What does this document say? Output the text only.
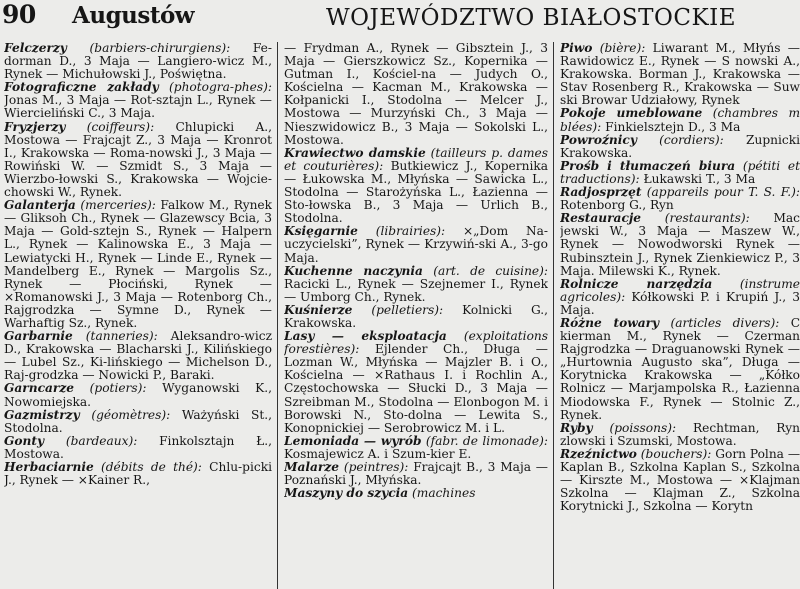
90 Augustów	WOJEWÓDZTWO BIAŁOSTOCKIE
Felczerzy (barbiers-chirurgiens): Fe-dorman D., 3 Maja — Langiero-wicz M., Rynek — Michułowski J., Poświętna.
Fotograficzne zakłady (photogra-phes): Jonas M., 3 Maja — Rot-sztajn L., Rynek — Wiercieliński C., 3 Maja.
Fryzjerzy (coiffeurs): Chlupicki A., Mostowa — Frajcajt Z., 3 Maja — Kronrot I., Krakowska — Roma-nowski J., 3 Maja — Rowiński W. — Szmidt S., 3 Maja — Wierzbo-łowski S., Krakowska — Wojcie-chowski W., Rynek.
Galanterja (merceries): Falkow M., Rynek — Gliksoh Ch., Rynek — Glazewscy Bcia, 3 Maja — Gold-sztejn S., Rynek — Halpern L., Rynek — Kalinowska E., 3 Maja — Lewiatycki H., Rynek — Linde E., Rynek — Mandelberg E., Rynek — Margolis Sz., Rynek — Płociński, Rynek — ×Romanowski J., 3 Maja — Rotenborg Ch., Rajgrodzka — Symne D., Rynek — Warhaftig Sz., Rynek.
Garbarnie (tanneries): Aleksandro-wicz D., Krakowska — Blacharski J., Kilińskiego — Lubel Sz., Ki-lińskiego — Michelson D., Raj-grodzka — Nowicki P., Baraki.
Garncarze (potiers): Wyganowski K., Nowomiejska.
Gazmistrzy (géomètres): Ważyński St., Stodolna.
Gonty (bardeaux): Finkolsztajn Ł., Mostowa.
Herbaciarnie (débits de thé): Chlu-picki J., Rynek — ×Kainer R.,
— Frydman A., Rynek — Gibsztein J., 3 Maja — Gierszkowicz Sz., Kopernika — Gutman I., Kościel-na — Judych O., Kościelna — Kacman M., Krakowska — Kołpanicki I., Stodolna — Melcer J., Mostowa — Murzyński Ch., 3 Maja — Nieszwidowicz B., 3 Maja — Sokolski L., Mostowa.
Krawiectwo damskie (tailleurs p. dames et couturières): Butkiewicz J., Kopernika — Łukowska M., Młyńska — Sawicka L., Stodolna — Starożyńska L., Łazienna — Sto-łowska B., 3 Maja — Urlich B., Stodolna.
Księgarnie (librairies): ×„Dom Na-uczycielski”, Rynek — Krzywiń-ski A., 3-go Maja.
Kuchenne naczynia (art. de cuisine): Racicki L., Rynek — Szejnemer I., Rynek — Umborg Ch., Rynek.
Kuśnierze (pelletiers): Kolnicki G., Krakowska.
Lasy — eksploatacja (exploitations forestières): Ejlender Ch., Długa — Lozman W., Młyńska — Majzler B. i O., Kościelna — ×Rathaus I. i Rochlin A., Częstochowska — Słucki D., 3 Maja — Szreibman M., Stodolna — Elonbogon M. i Borowski N., Sto-dolna — Lewita S., Konopnickiej — Serobrowicz M. i L.
Lemoniada — wyrób (fabr. de limonade): Kosmajewicz A. i Szum-kier E.
Malarze (peintres): Frajcajt B., 3 Maja — Poznański J., Młyńska.
Maszyny do szycia (machines
Piwo (bière): Liwarant M., Młyńs — Rawidowicz E., Rynek — S nowski A., Krakowska. Borman J., Krakowska — Stav Rosenberg R., Krakowska — Suw ski Browar Udziałowy, Rynek
Pokoje umeblowane (chambres m blées): Finkielsztejn D., 3 Ma
Powroźnicy (cordiers): Zupnicki Krakowska.
Prośb i tłumaczeń biura (pétiti et traductions): Łukawski T., 3 Ma
Radjosprzęt (appareils pour T. S. F.): Rotenborg G., Ryn
Restauracje (restaurants): Mac jewski W., 3 Maja — Maszew W., Rynek — Nowodworski Rynek — Rubinsztein J., Rynek Zienkiewicz P., 3 Maja. Milewski K., Rynek.
Rolnicze narzędzia (instrume agricoles): Kółkowski P. i Krupiń J., 3 Maja.
Różne towary (articles divers): C kierman M., Rynek — Czerman Rajgrodzka — Draguanowski Rynek — „Hurtownia Augusto ska”, Długa — Korytnicka Krakowska — „Kółko Rolnicz — Marjampolska R., Łazienna Miodowska F., Rynek — Stolnic Z., Rynek.
Ryby (poissons): Rechtman, Ryn zlowski i Szumski, Mostowa.
Rzeźnictwo (bouchers): Gorn Polna — Kaplan B., Szkolna Kaplan S., Szkolna — Kirszte M., Mostowa — ×Klajman Szkolna — Klajman Z., Szkolna Korytnicki J., Szkolna — Korytn
